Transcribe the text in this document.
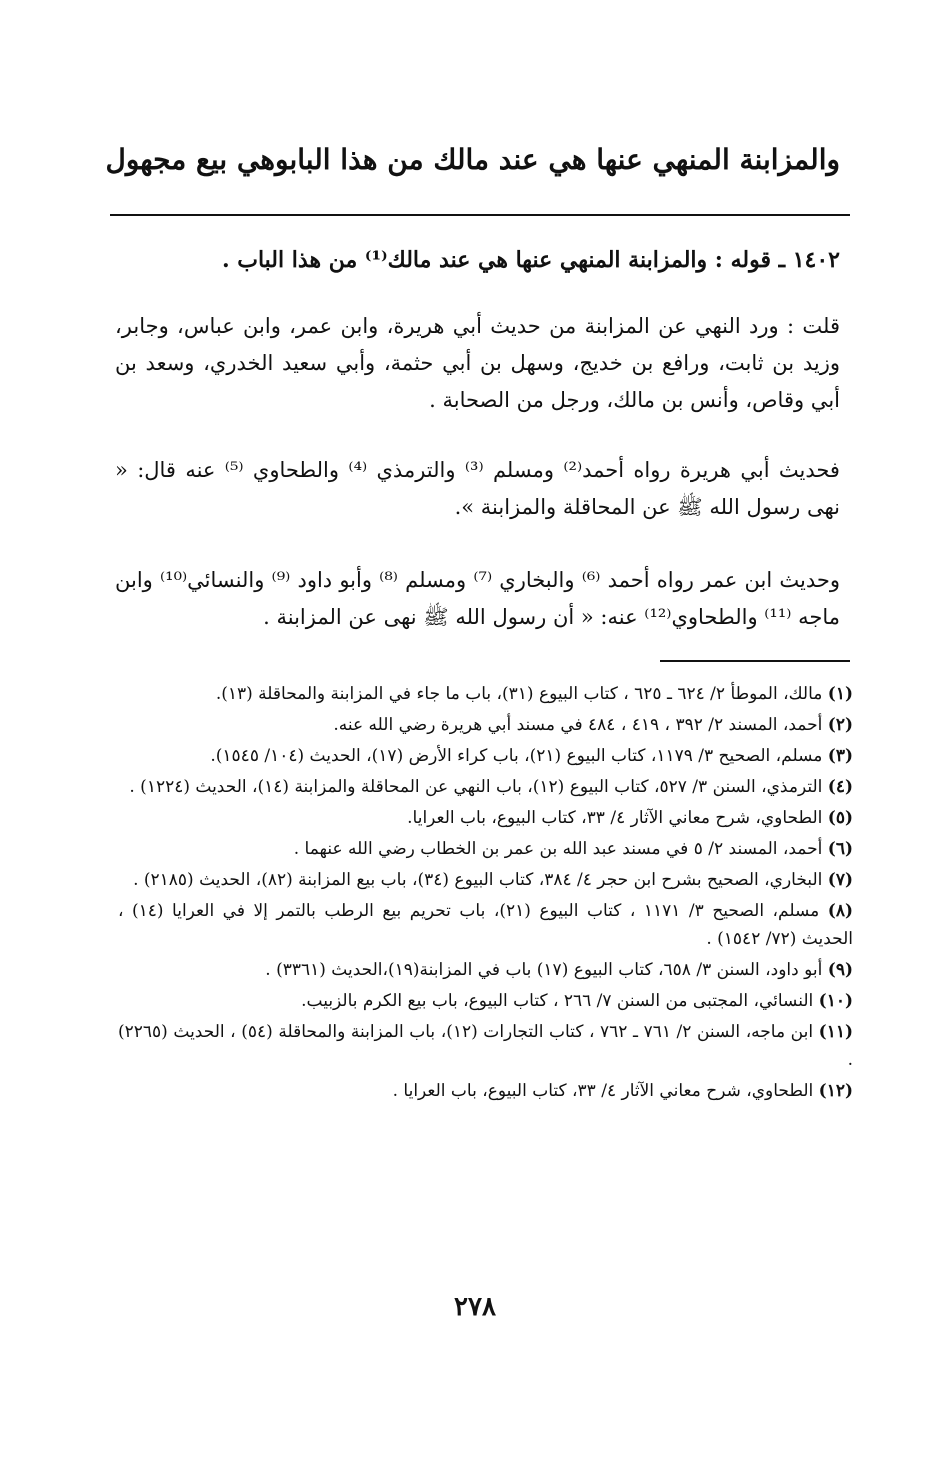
والمزابنة المنهي عنها هي عند مالك من هذا البابوهي بيع مجهول

١٤٠٢ ـ قوله : والمزابنة المنهي عنها هي عند مالك⁽¹⁾ من هذا الباب .

قلت : ورد النهي عن المزابنة من حديث أبي هريرة، وابن عمر، وابن عباس، وجابر، وزيد بن ثابت، ورافع بن خديج، وسهل بن أبي حثمة، وأبي سعيد الخدري، وسعد بن أبي وقاص، وأنس بن مالك، ورجل من الصحابة .

فحديث أبي هريرة رواه أحمد⁽²⁾ ومسلم ⁽³⁾ والترمذي ⁽⁴⁾ والطحاوي ⁽⁵⁾ عنه قال: « نهى رسول الله ﷺ عن المحاقلة والمزابنة ».

وحديث ابن عمر رواه أحمد ⁽⁶⁾ والبخاري ⁽⁷⁾ ومسلم ⁽⁸⁾ وأبو داود ⁽⁹⁾ والنسائي⁽¹⁰⁾ وابن ماجه ⁽¹¹⁾ والطحاوي⁽¹²⁾ عنه: « أن رسول الله ﷺ نهى عن المزابنة .

(١) مالك، الموطأ ٢/ ٦٢٤ ـ ٦٢٥ ، كتاب البيوع (٣١)، باب ما جاء في المزابنة والمحاقلة (١٣).

(٢) أحمد، المسند ٢/ ٣٩٢ ، ٤١٩ ، ٤٨٤ في مسند أبي هريرة رضي الله عنه.

(٣) مسلم، الصحيح ٣/ ١١٧٩، كتاب البيوع (٢١)، باب كراء الأرض (١٧)، الحديث (١٠٤/ ١٥٤٥).

(٤) الترمذي، السنن ٣/ ٥٢٧، كتاب البيوع (١٢)، باب النهي عن المحاقلة والمزابنة (١٤)، الحديث (١٢٢٤) .

(٥) الطحاوي، شرح معاني الآثار ٤/ ٣٣، كتاب البيوع، باب العرايا.

(٦) أحمد، المسند ٢/ ٥ في مسند عبد الله بن عمر بن الخطاب رضي الله عنهما .

(٧) البخاري، الصحيح بشرح ابن حجر ٤/ ٣٨٤، كتاب البيوع (٣٤)، باب بيع المزابنة (٨٢)، الحديث (٢١٨٥) .

(٨) مسلم، الصحيح ٣/ ١١٧١ ، كتاب البيوع (٢١)، باب تحريم بيع الرطب بالتمر إلا في العرايا (١٤) ، الحديث (٧٢/ ١٥٤٢) .

(٩) أبو داود، السنن ٣/ ٦٥٨، كتاب البيوع (١٧) باب في المزابنة(١٩)،الحديث (٣٣٦١) .

(١٠) النسائي، المجتبى من السنن ٧/ ٢٦٦ ، كتاب البيوع، باب بيع الكرم بالزبيب.

(١١) ابن ماجه، السنن ٢/ ٧٦١ ـ ٧٦٢ ، كتاب التجارات (١٢)، باب المزابنة والمحاقلة (٥٤) ، الحديث (٢٢٦٥) .

(١٢) الطحاوي، شرح معاني الآثار ٤/ ٣٣، كتاب البيوع، باب العرايا .

٢٧٨
